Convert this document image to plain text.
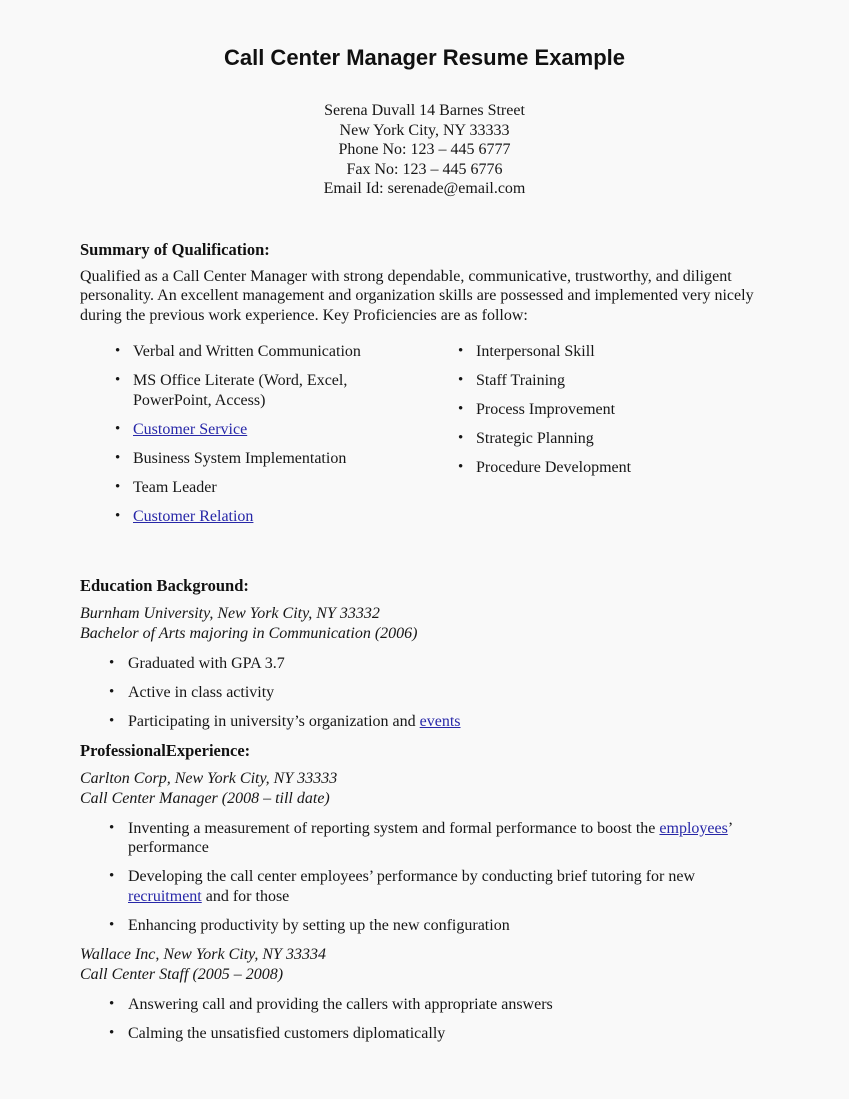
Call Center Manager Resume Example
Serena Duvall 14 Barnes Street
New York City, NY 33333
Phone No: 123 – 445 6777
Fax No: 123 – 445 6776
Email Id: serenade@email.com
Summary of Qualification:

Qualified as a Call Center Manager with strong dependable, communicative, trustworthy, and diligent personality. An excellent management and organization skills are possessed and implemented very nicely during the previous work experience. Key Proficiencies are as follow:

• Verbal and Written Communication
• MS Office Literate (Word, Excel, PowerPoint, Access)
• Customer Service
• Business System Implementation
• Team Leader
• Customer Relation
• Interpersonal Skill
• Staff Training
• Process Improvement
• Strategic Planning
• Procedure Development
Education Background:
Burnham University, New York City, NY 33332
Bachelor of Arts majoring in Communication (2006)
• Graduated with GPA 3.7
• Active in class activity
• Participating in university’s organization and events
ProfessionalExperience:
Carlton Corp, New York City, NY 33333
Call Center Manager (2008 – till date)
• Inventing a measurement of reporting system and formal performance to boost the employees’ performance
• Developing the call center employees’ performance by conducting brief tutoring for new recruitment and for those
• Enhancing productivity by setting up the new configuration
Wallace Inc, New York City, NY 33334
Call Center Staff (2005 – 2008)
• Answering call and providing the callers with appropriate answers
• Calming the unsatisfied customers diplomatically
